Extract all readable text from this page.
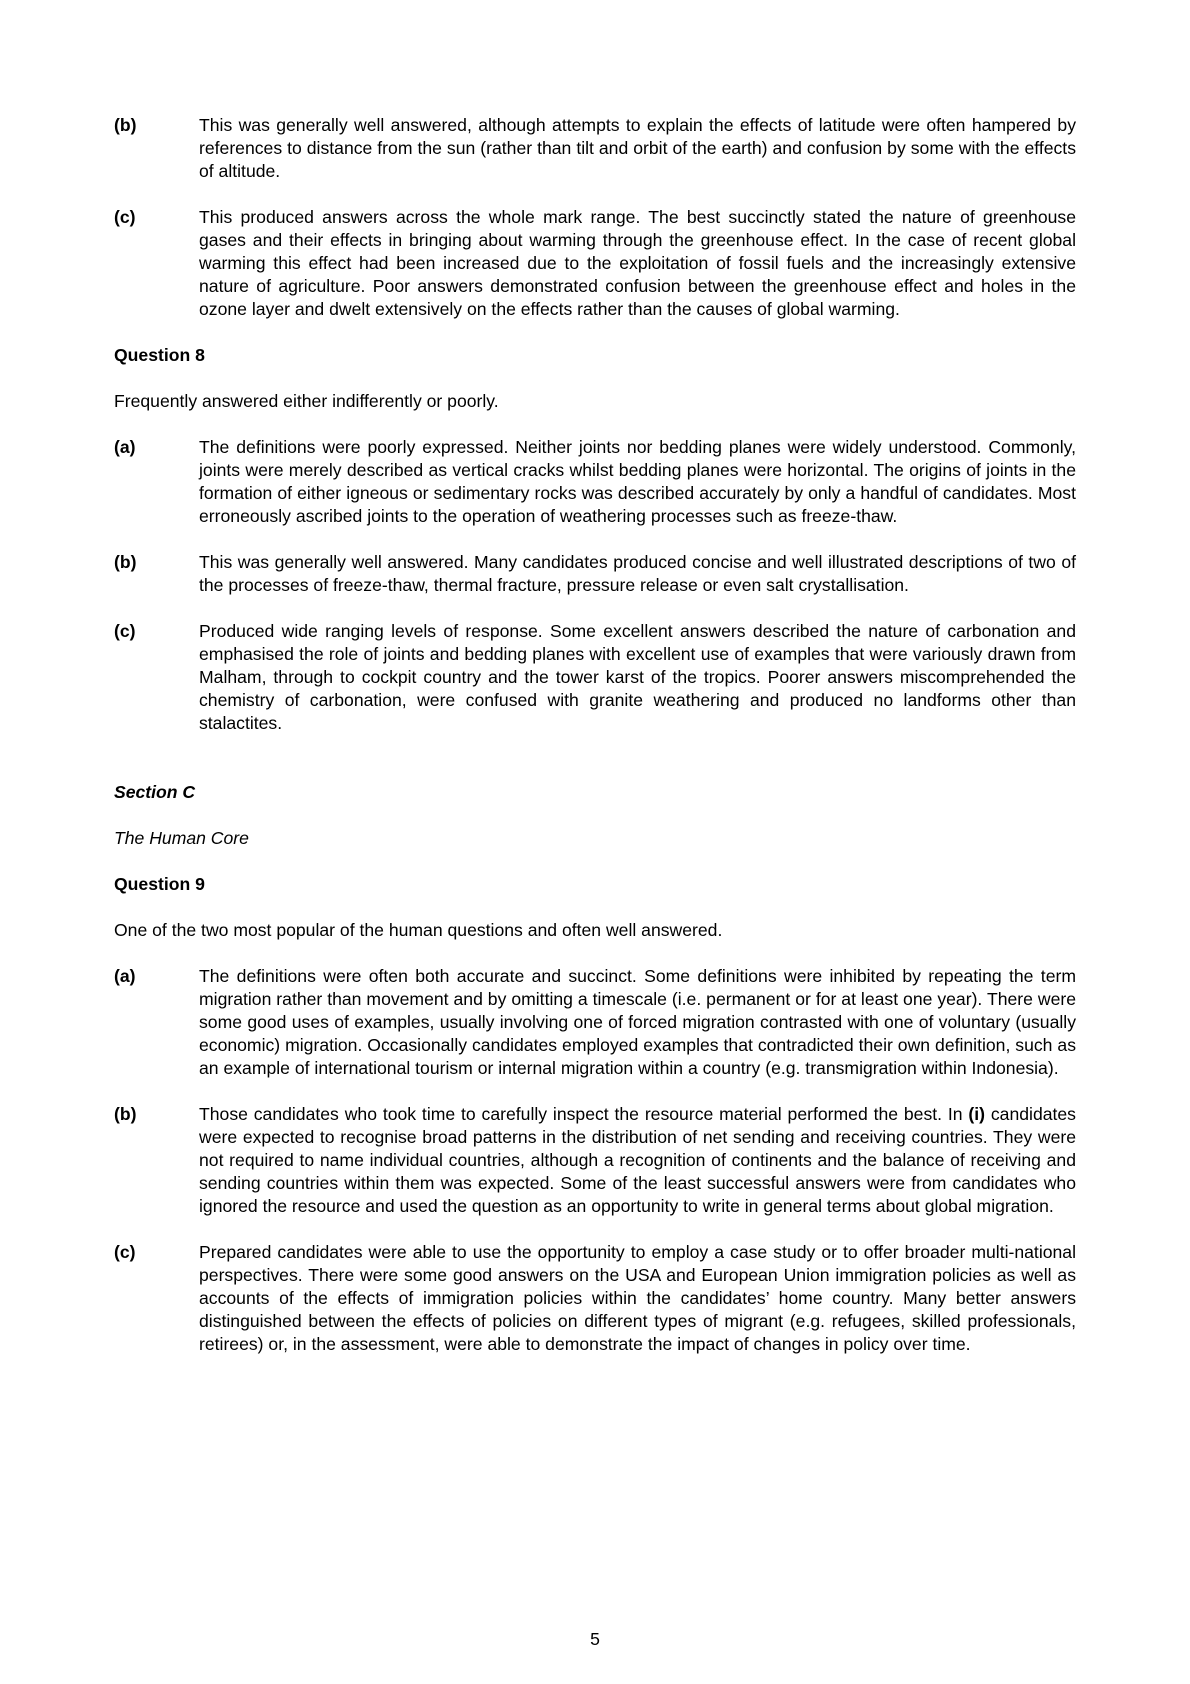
(b)	This was generally well answered, although attempts to explain the effects of latitude were often hampered by references to distance from the sun (rather than tilt and orbit of the earth) and confusion by some with the effects of altitude.
(c)	This produced answers across the whole mark range. The best succinctly stated the nature of greenhouse gases and their effects in bringing about warming through the greenhouse effect. In the case of recent global warming this effect had been increased due to the exploitation of fossil fuels and the increasingly extensive nature of agriculture. Poor answers demonstrated confusion between the greenhouse effect and holes in the ozone layer and dwelt extensively on the effects rather than the causes of global warming.
Question 8
Frequently answered either indifferently or poorly.
(a)	The definitions were poorly expressed. Neither joints nor bedding planes were widely understood. Commonly, joints were merely described as vertical cracks whilst bedding planes were horizontal. The origins of joints in the formation of either igneous or sedimentary rocks was described accurately by only a handful of candidates. Most erroneously ascribed joints to the operation of weathering processes such as freeze-thaw.
(b)	This was generally well answered. Many candidates produced concise and well illustrated descriptions of two of the processes of freeze-thaw, thermal fracture, pressure release or even salt crystallisation.
(c)	Produced wide ranging levels of response. Some excellent answers described the nature of carbonation and emphasised the role of joints and bedding planes with excellent use of examples that were variously drawn from Malham, through to cockpit country and the tower karst of the tropics. Poorer answers miscomprehended the chemistry of carbonation, were confused with granite weathering and produced no landforms other than stalactites.
Section C
The Human Core
Question 9
One of the two most popular of the human questions and often well answered.
(a)	The definitions were often both accurate and succinct. Some definitions were inhibited by repeating the term migration rather than movement and by omitting a timescale (i.e. permanent or for at least one year). There were some good uses of examples, usually involving one of forced migration contrasted with one of voluntary (usually economic) migration. Occasionally candidates employed examples that contradicted their own definition, such as an example of international tourism or internal migration within a country (e.g. transmigration within Indonesia).
(b)	Those candidates who took time to carefully inspect the resource material performed the best. In (i) candidates were expected to recognise broad patterns in the distribution of net sending and receiving countries. They were not required to name individual countries, although a recognition of continents and the balance of receiving and sending countries within them was expected. Some of the least successful answers were from candidates who ignored the resource and used the question as an opportunity to write in general terms about global migration.
(c)	Prepared candidates were able to use the opportunity to employ a case study or to offer broader multi-national perspectives. There were some good answers on the USA and European Union immigration policies as well as accounts of the effects of immigration policies within the candidates’ home country. Many better answers distinguished between the effects of policies on different types of migrant (e.g. refugees, skilled professionals, retirees) or, in the assessment, were able to demonstrate the impact of changes in policy over time.
5
